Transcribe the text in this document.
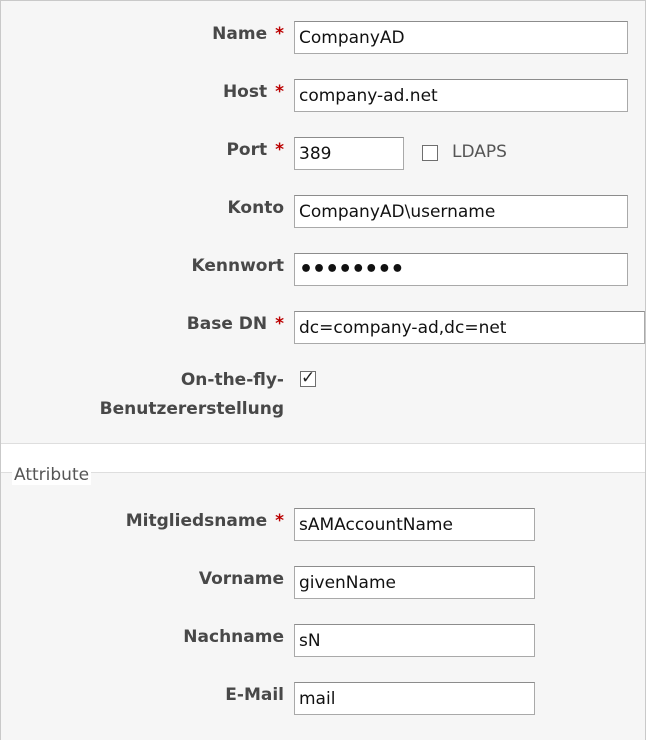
Attribute
Name *
CompanyAD
Host *
company-ad.net
Port *
389	LDAPS
Konto
CompanyAD\username
Kennwort
••••••••
Base DN *
dc=company-ad,dc=net
On-the-fly-
Benutzererstellung
✓
Mitgliedsname *
sAMAccountName
Vorname
givenName
Nachname
sN
E-Mail
mail
